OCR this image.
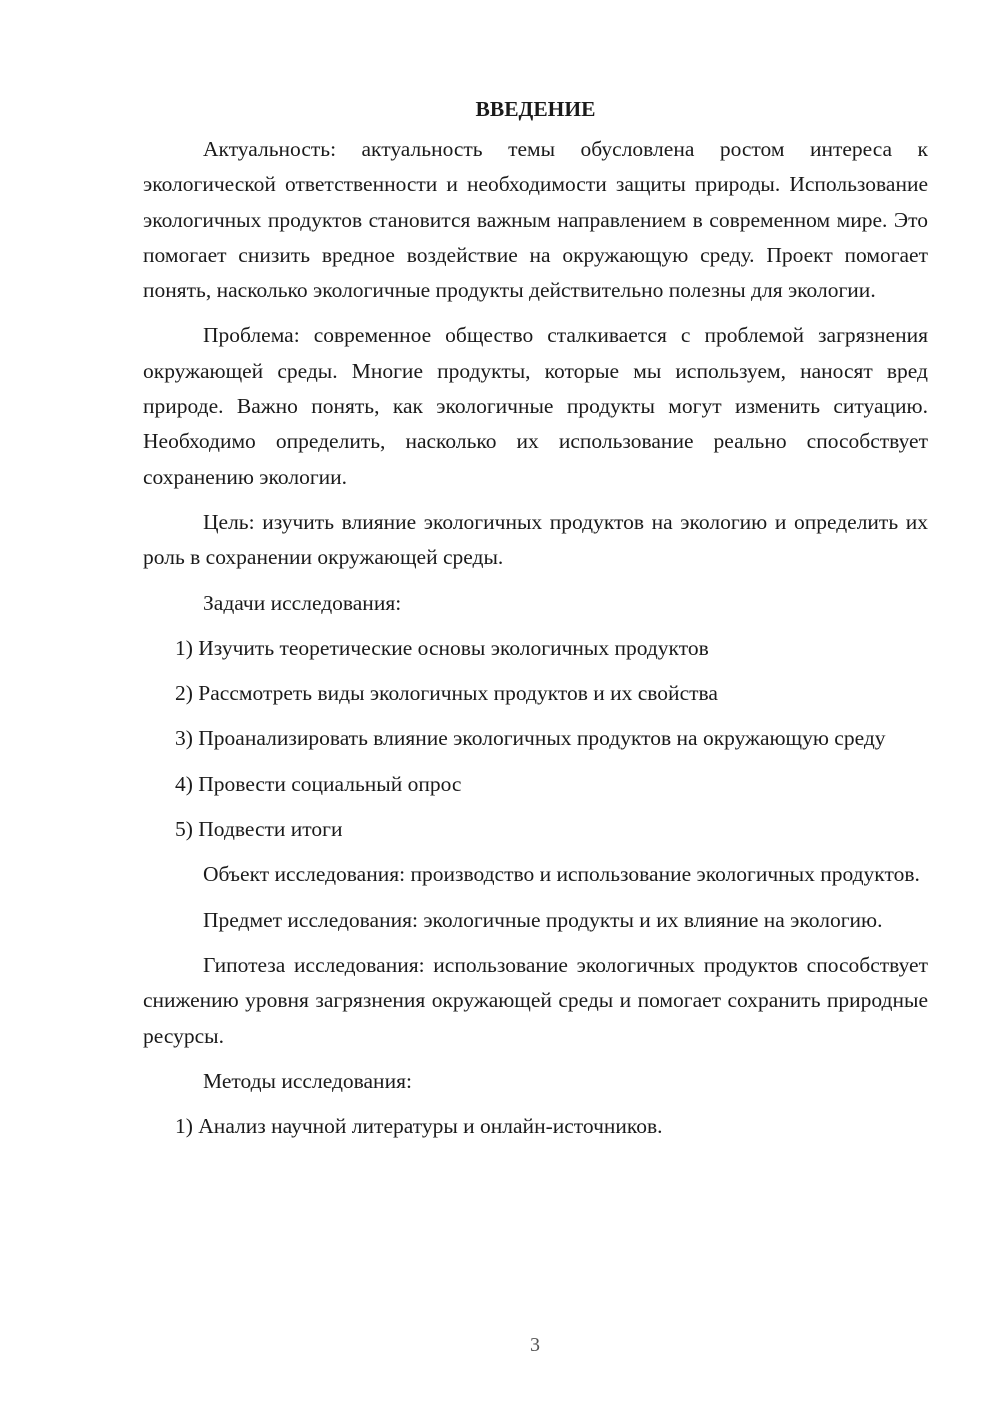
ВВЕДЕНИЕ
Актуальность: актуальность темы обусловлена ростом интереса к экологической ответственности и необходимости защиты природы. Использование экологичных продуктов становится важным направлением в современном мире. Это помогает снизить вредное воздействие на окружающую среду. Проект помогает понять, насколько экологичные продукты действительно полезны для экологии.
Проблема: современное общество сталкивается с проблемой загрязнения окружающей среды. Многие продукты, которые мы используем, наносят вред природе. Важно понять, как экологичные продукты могут изменить ситуацию. Необходимо определить, насколько их использование реально способствует сохранению экологии.
Цель: изучить влияние экологичных продуктов на экологию и определить их роль в сохранении окружающей среды.
Задачи исследования:
1) Изучить теоретические основы экологичных продуктов
2) Рассмотреть виды экологичных продуктов и их свойства
3) Проанализировать влияние экологичных продуктов на окружающую среду
4) Провести социальный опрос
5) Подвести итоги
Объект исследования: производство и использование экологичных продуктов.
Предмет исследования: экологичные продукты и их влияние на экологию.
Гипотеза исследования: использование экологичных продуктов способствует снижению уровня загрязнения окружающей среды и помогает сохранить природные ресурсы.
Методы исследования:
1) Анализ научной литературы и онлайн-источников.
3
